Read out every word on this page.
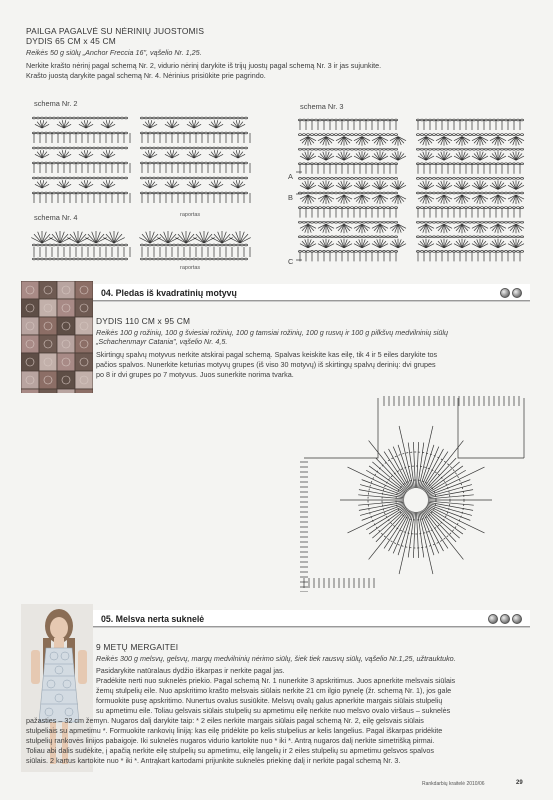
PAILGA PAGALVĖ SU NĖRINIŲ JUOSTOMIS
DYDIS 65 CM x 45 CM
Reikės 50 g siūlų „Anchor Freccia 16", vąšelio Nr. 1,25.
Nerkite krašto nėrinį pagal schemą Nr. 2, vidurio nėrinį darykite iš trijų juostų pagal schemą Nr. 3 ir jas sujunkite.
Krašto juostą darykite pagal schemą Nr. 4. Nėrinius prisiūkite prie pagrindo.
schema Nr. 2	schema Nr. 3
schema Nr. 4	raportas
raportas
A
B
C
04. Pledas iš kvadratinių motyvų
DYDIS 110 CM x 95 CM
Reikės 100 g rožinių, 100 g šviesiai rožinių, 100 g tamsiai rožinių, 100 g rusvų ir 100 g pilkšvų medvilninių siūlų
„Schachenmayr Catania", vąšelio Nr. 4,5.
Skirtingų spalvų motyvus nerkite atskirai pagal schemą. Spalvas keiskite kas eilę, tik 4 ir 5 eiles darykite tos
pačios spalvos. Nunerkite keturias motyvų grupes (iš viso 30 motyvų) iš skirtingų spalvų derinių: dvi grupes
po 8 ir dvi grupes po 7 motyvus. Juos sunerkite norima tvarka.
05. Melsva nerta suknelė
9 METŲ MERGAITEI
Reikės 300 g melsvų, gelsvų, margų medvilninių nėrimo siūlų, šiek tiek rausvų siūlų, vąšelio Nr.1,25, užtrauktuko.
Pasidarykite natūralaus dydžio iškarpas ir nerkite pagal jas.
Pradėkite nerti nuo suknelės priekio. Pagal schemą Nr. 1 nunerkite 3 apskritimus. Juos apnerkite melsvais siūlais
žemų stulpelių eile. Nuo apskritimo krašto melsvais siūlais nerkite 21 cm ilgio pynelę (žr. schemą Nr. 1), jos gale
formuokite pusę apskritimo. Nunertus ovalus susiūkite. Melsvų ovalų galus apnerkite margais siūlais stulpelių
su apmetimu eile. Toliau gelsvais siūlais stulpelių su apmetimu eilę nerkite nuo melsvo ovalo viršaus – suknelės
pažasties – 32 cm žemyn. Nugaros dalį darykite taip: * 2 eiles nerkite margais siūlais pagal schemą Nr. 2, eilę gelsvais siūlais
stulpeliais su apmetimu *. Formuokite rankovių liniją: kas eilę pridėkite po kelis stulpelius ar kelis langelius. Pagal iškarpas pridėkite
stulpelių rankovės linijos pabaigoje. Iki suknelės nugaros vidurio kartokite nuo * iki *. Antrą nugaros dalį nerkite simetrišką pirmai.
Toliau abi dalis sudėkite, į apačią nerkite eilę stulpelių su apmetimu, eilę langelių ir 2 eiles stulpelių su apmetimu gelsvos spalvos
siūlais. 2 kartus kartokite nuo * iki *. Antrąkart kartodami prijunkite suknelės priekinę dalį ir nerkite pagal schemą Nr. 3.
Rankdarbių kraitelė 2010/06	29
